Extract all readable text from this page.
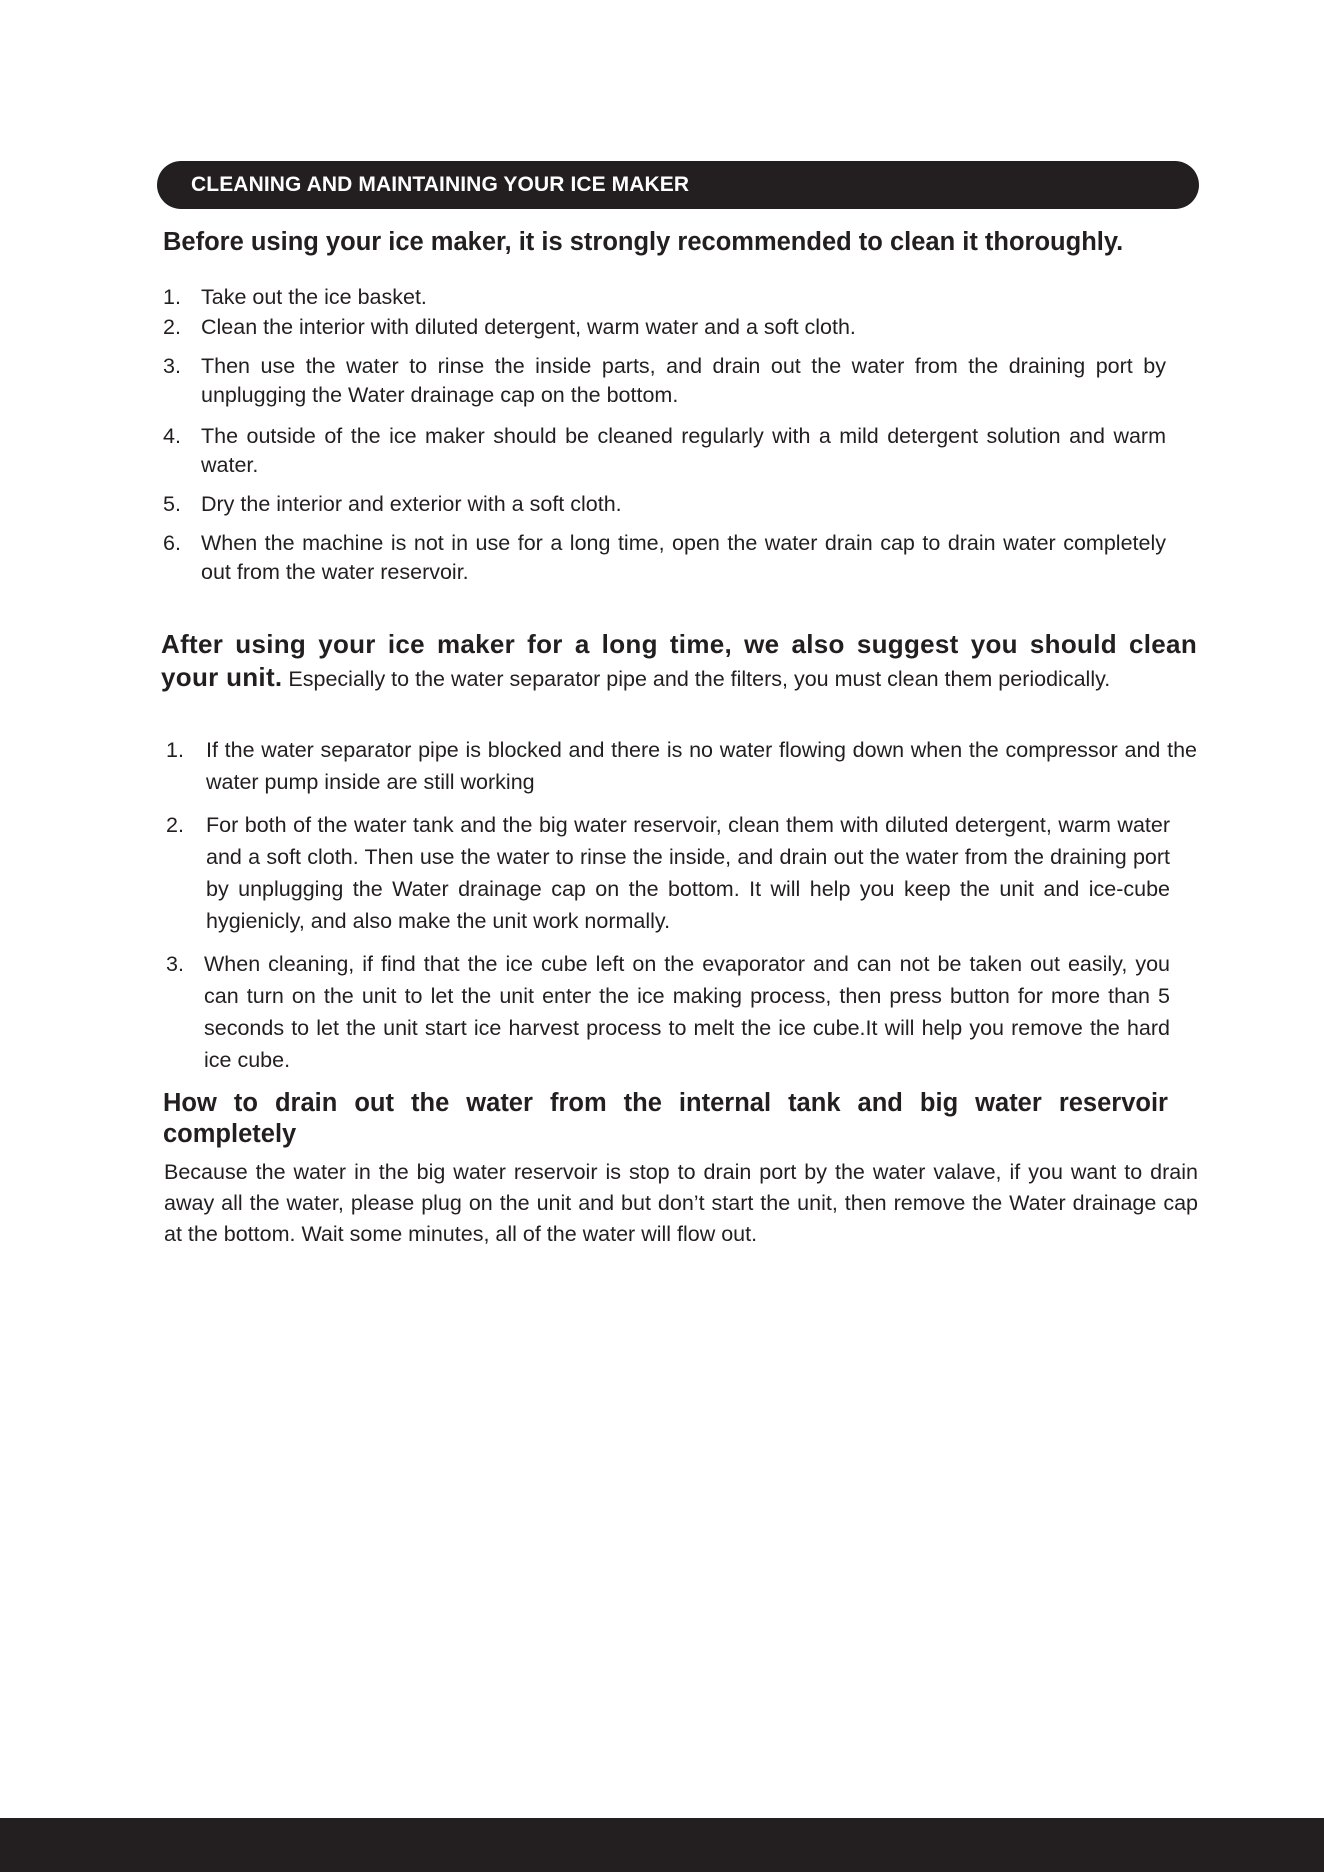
CLEANING AND MAINTAINING YOUR ICE MAKER
Before using your ice maker, it is strongly recommended to clean it thoroughly.
1. Take out the ice basket.
2. Clean the interior with diluted detergent, warm water and a soft cloth.
3. Then use the water to rinse the inside parts, and drain out the water from the draining port by unplugging the Water drainage cap on the bottom.
4. The outside of the ice maker should be cleaned regularly with a mild detergent solution and warm water.
5. Dry the interior and exterior with a soft cloth.
6. When the machine is not in use for a long time, open the water drain cap to drain water completely out from the water reservoir.

After using your ice maker for a long time, we also suggest you should clean your unit. Especially to the water separator pipe and the filters, you must clean them periodically.

1. If the water separator pipe is blocked and there is no water flowing down when the compressor and the water pump inside are still working
2. For both of the water tank and the big water reservoir, clean them with diluted detergent, warm water and a soft cloth. Then use the water to rinse the inside, and drain out the water from the draining port by unplugging the Water drainage cap on the bottom. It will help you keep the unit and ice-cube hygienicly, and also make the unit work normally.
3. When cleaning, if find that the ice cube left on the evaporator and can not be taken out easily, you can turn on the unit to let the unit enter the ice making process, then press button for more than 5 seconds to let the unit start ice harvest process to melt the ice cube.It will help you remove the hard ice cube.
How to drain out the water from the internal tank and big water reservoir completely

Because the water in the big water reservoir is stop to drain port by the water valave, if you want to drain away all the water, please plug on the unit and but don’t start the unit, then remove the Water drainage cap at the bottom. Wait some minutes, all of the water will flow out.
